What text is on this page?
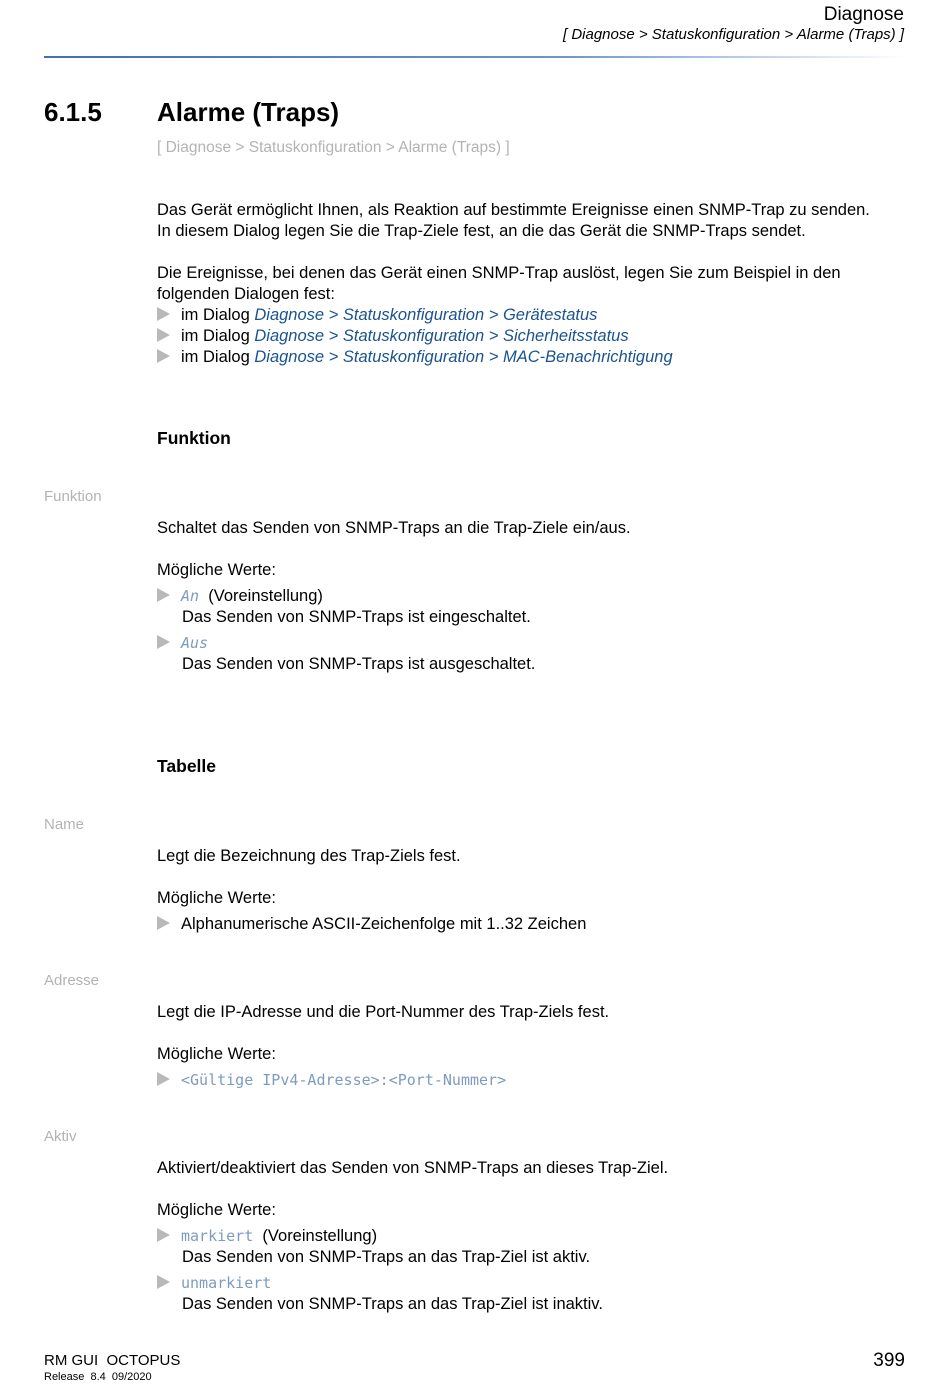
Diagnose
[ Diagnose > Statuskonfiguration > Alarme (Traps) ]
6.1.5 Alarme (Traps)
[ Diagnose > Statuskonfiguration > Alarme (Traps) ]
Das Gerät ermöglicht Ihnen, als Reaktion auf bestimmte Ereignisse einen SNMP-Trap zu senden.
In diesem Dialog legen Sie die Trap-Ziele fest, an die das Gerät die SNMP-Traps sendet.
Die Ereignisse, bei denen das Gerät einen SNMP-Trap auslöst, legen Sie zum Beispiel in den
folgenden Dialogen fest:
im Dialog Diagnose > Statuskonfiguration > Gerätestatus
im Dialog Diagnose > Statuskonfiguration > Sicherheitsstatus
im Dialog Diagnose > Statuskonfiguration > MAC-Benachrichtigung
Funktion
Funktion
Schaltet das Senden von SNMP-Traps an die Trap-Ziele ein/aus.
Mögliche Werte:
An (Voreinstellung)
Das Senden von SNMP-Traps ist eingeschaltet.
Aus
Das Senden von SNMP-Traps ist ausgeschaltet.
Tabelle
Name
Legt die Bezeichnung des Trap-Ziels fest.
Mögliche Werte:
Alphanumerische ASCII-Zeichenfolge mit 1..32 Zeichen
Adresse
Legt die IP-Adresse und die Port-Nummer des Trap-Ziels fest.
Mögliche Werte:
<Gültige IPv4-Adresse>:<Port-Nummer>
Aktiv
Aktiviert/deaktiviert das Senden von SNMP-Traps an dieses Trap-Ziel.
Mögliche Werte:
markiert (Voreinstellung)
Das Senden von SNMP-Traps an das Trap-Ziel ist aktiv.
unmarkiert
Das Senden von SNMP-Traps an das Trap-Ziel ist inaktiv.
RM GUI  OCTOPUS
Release  8.4  09/2020
399
